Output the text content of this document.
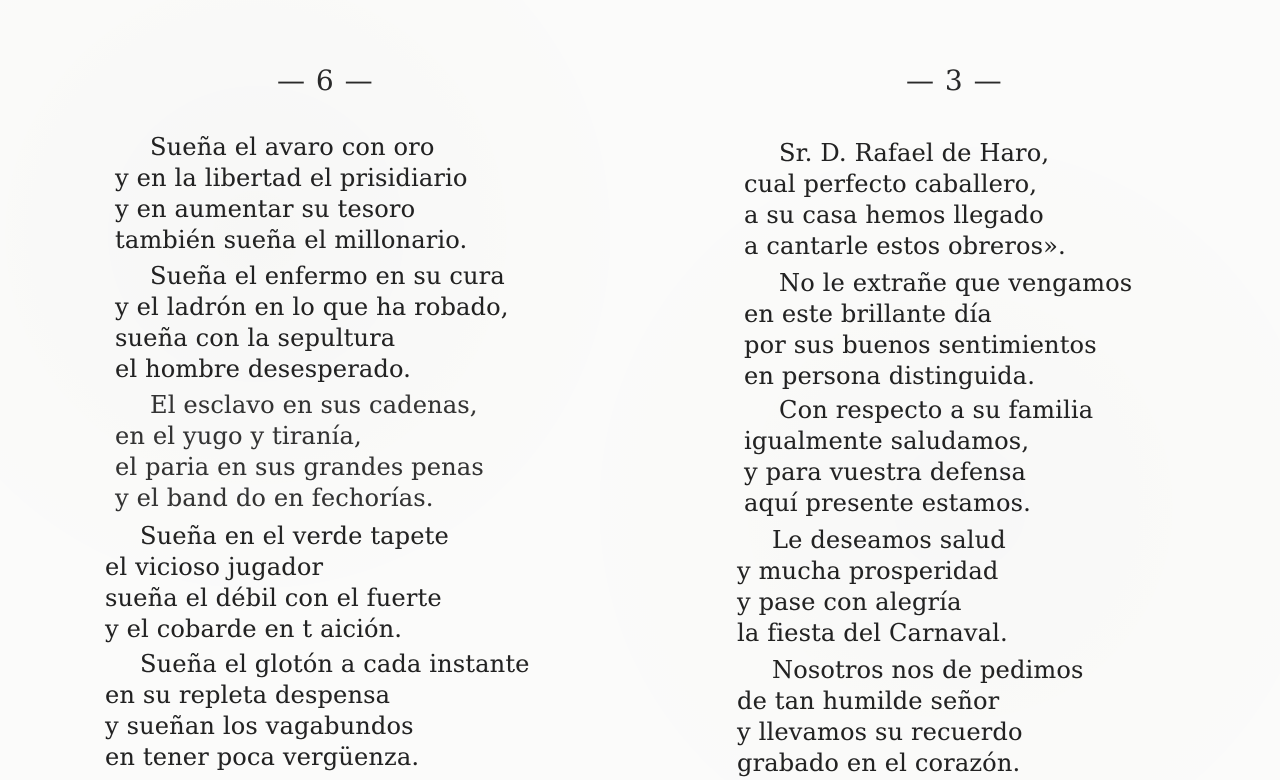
— 6 —
Sueña el avaro con oro
y en la libertad el prisidiario
y en aumentar su tesoro
también sueña el millonario.
Sueña el enfermo en su cura
y el ladrón en lo que ha robado,
sueña con la sepultura
el hombre desesperado.
El esclavo en sus cadenas,
en el yugo y tiranía,
el paria en sus grandes penas
y el band do en fechorías.
Sueña en el verde tapete
el vicioso jugador
sueña el débil con el fuerte
y el cobarde en t aición.
Sueña el glotón a cada instante
en su repleta despensa
y sueñan los vagabundos
en tener poca vergüenza.
— 3 —
Sr. D. Rafael de Haro,
cual perfecto caballero,
a su casa hemos llegado
a cantarle estos obreros».
No le extrañe que vengamos
en este brillante día
por sus buenos sentimientos
en persona distinguida.
Con respecto a su familia
igualmente saludamos,
y para vuestra defensa
aquí presente estamos.
Le deseamos salud
y mucha prosperidad
y pase con alegría
la fiesta del Carnaval.
Nosotros nos de pedimos
de tan humilde señor
y llevamos su recuerdo
grabado en el corazón.
